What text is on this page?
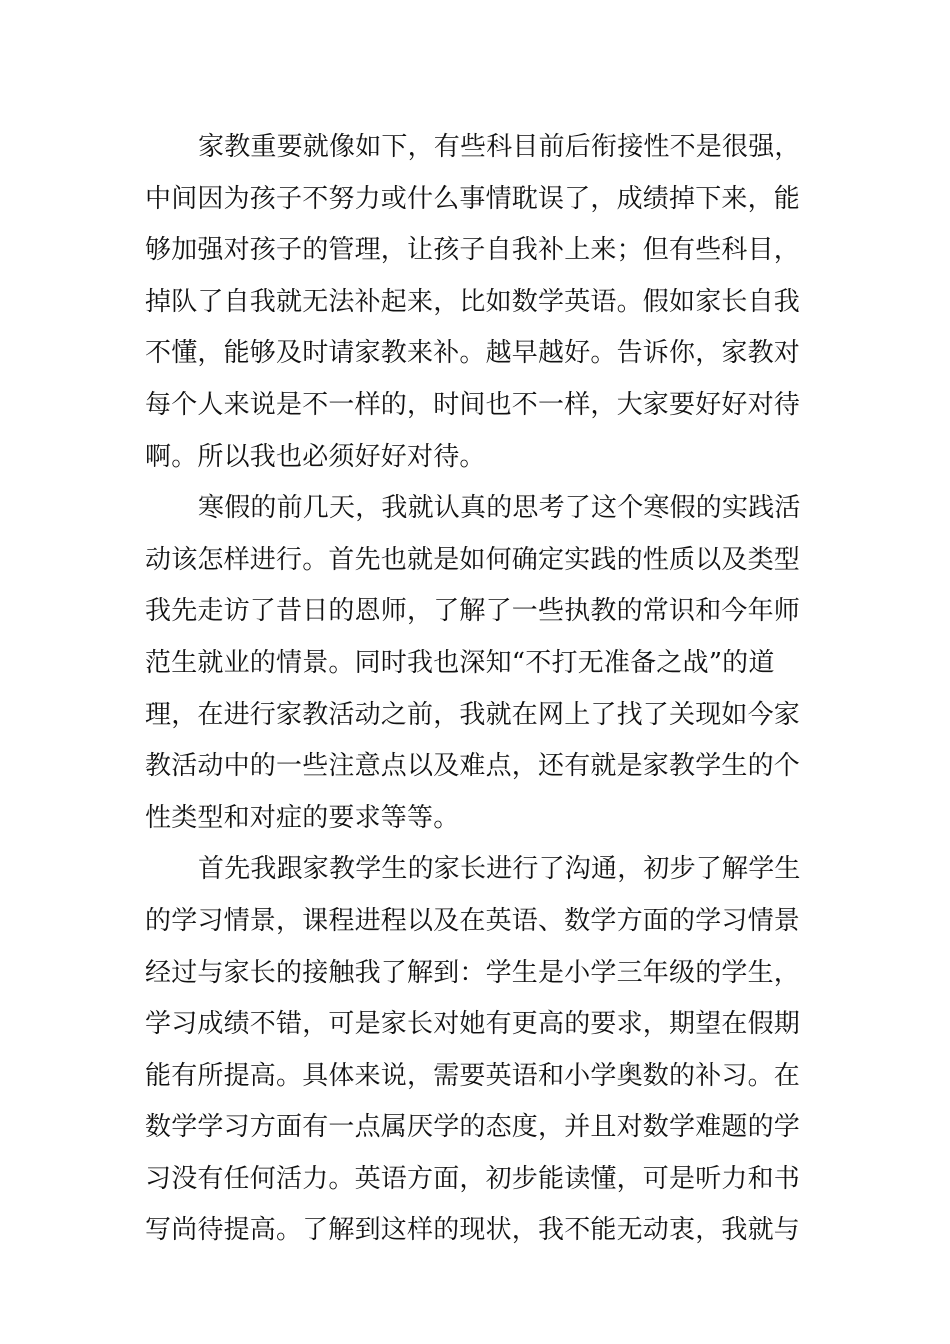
家教重要就像如下，有些科目前后衔接性不是很强，
中间因为孩子不努力或什么事情耽误了，成绩掉下来，能
够加强对孩子的管理，让孩子自我补上来；但有些科目，
掉队了自我就无法补起来，比如数学英语。假如家长自我
不懂，能够及时请家教来补。越早越好。告诉你，家教对
每个人来说是不一样的，时间也不一样，大家要好好对待
啊。所以我也必须好好对待。
寒假的前几天，我就认真的思考了这个寒假的实践活
动该怎样进行。首先也就是如何确定实践的性质以及类型
我先走访了昔日的恩师，了解了一些执教的常识和今年师
范生就业的情景。同时我也深知“不打无准备之战”的道
理，在进行家教活动之前，我就在网上了找了关现如今家
教活动中的一些注意点以及难点，还有就是家教学生的个
性类型和对症的要求等等。
首先我跟家教学生的家长进行了沟通，初步了解学生
的学习情景，课程进程以及在英语、数学方面的学习情景
经过与家长的接触我了解到：学生是小学三年级的学生，
学习成绩不错，可是家长对她有更高的要求，期望在假期
能有所提高。具体来说，需要英语和小学奥数的补习。在
数学学习方面有一点属厌学的态度，并且对数学难题的学
习没有任何活力。英语方面，初步能读懂，可是听力和书
写尚待提高。了解到这样的现状，我不能无动衷，我就与
